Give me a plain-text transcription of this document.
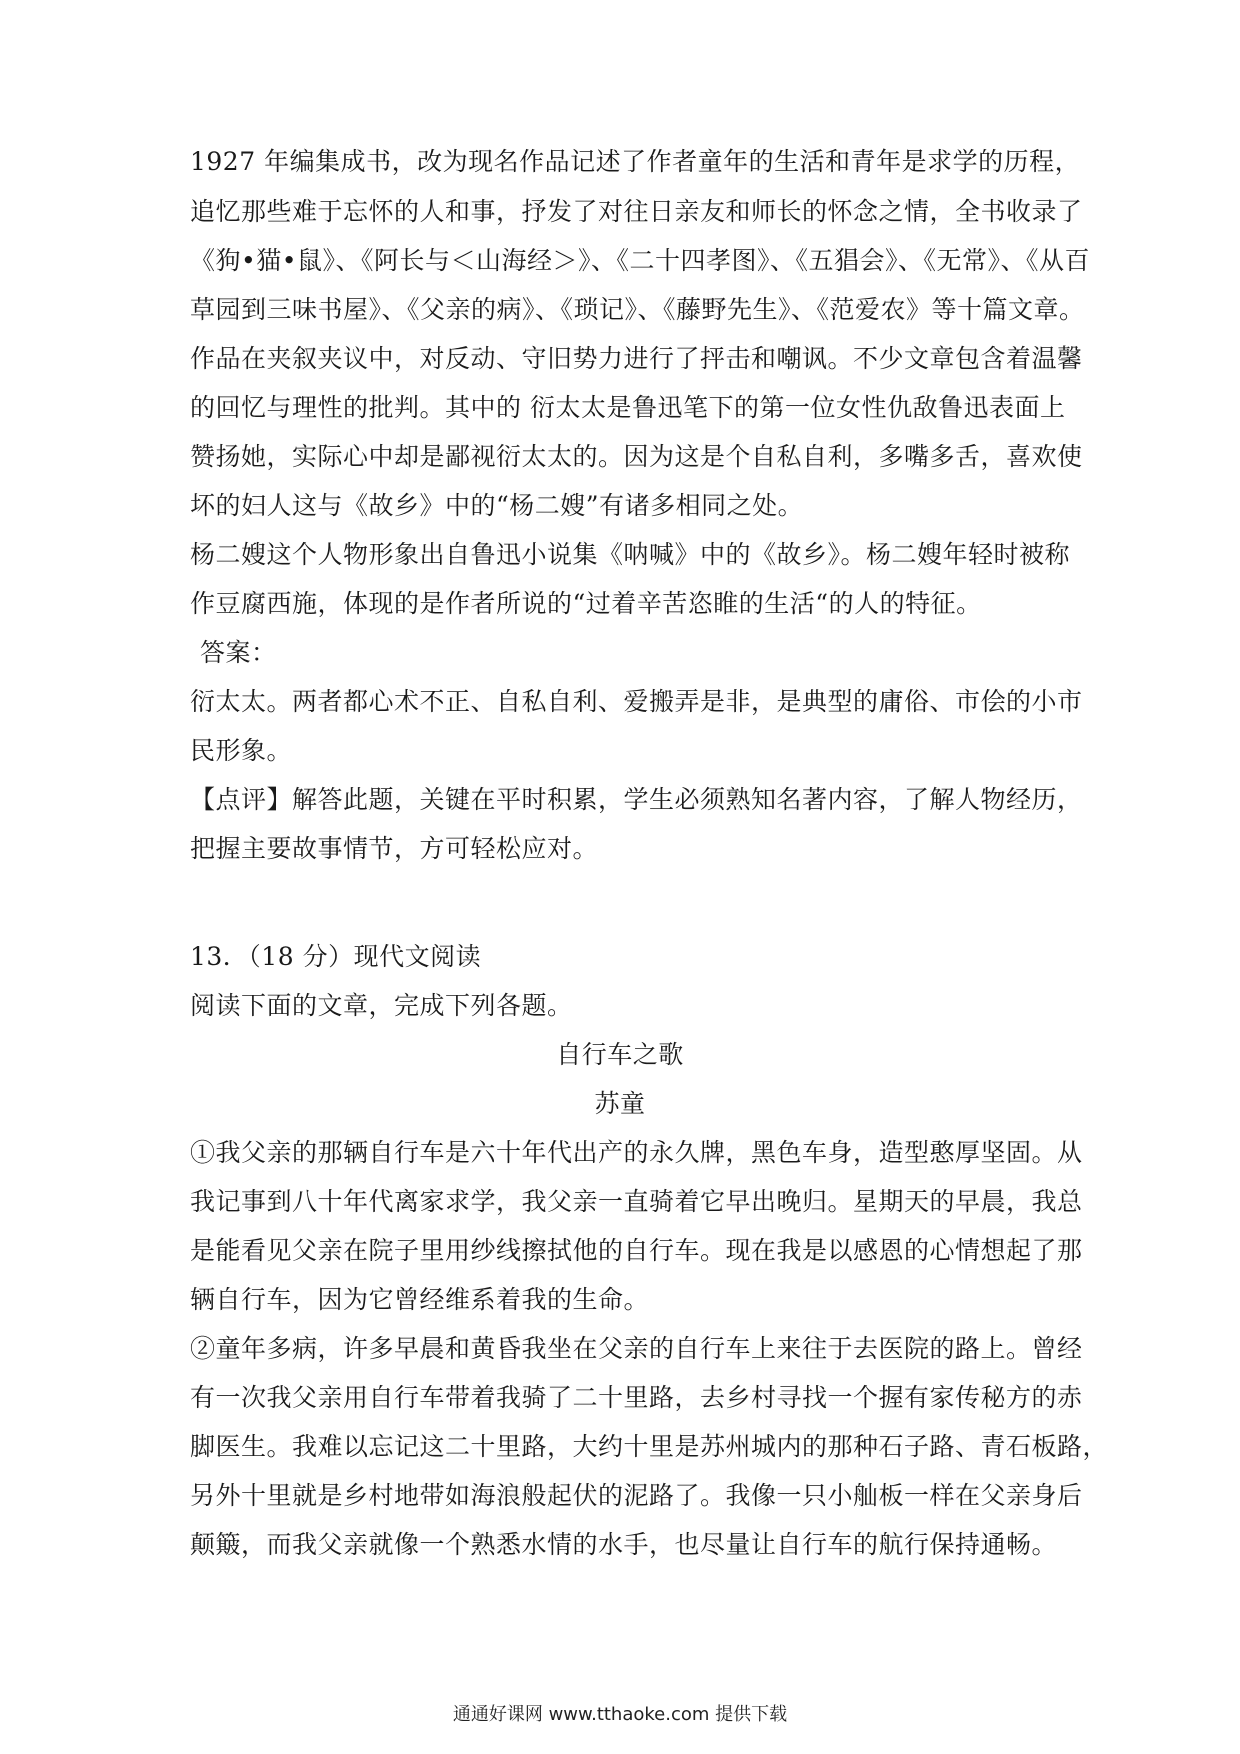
1927 年编集成书，改为现名作品记述了作者童年的生活和青年是求学的历程，
追忆那些难于忘怀的人和事，抒发了对往日亲友和师长的怀念之情，全书收录了
《狗•猫•鼠》、《阿长与＜山海经＞》、《二十四孝图》、《五猖会》、《无常》、《从百
草园到三味书屋》、《父亲的病》、《琐记》、《藤野先生》、《范爱农》等十篇文章。
作品在夹叙夹议中，对反动、守旧势力进行了抨击和嘲讽。不少文章包含着温馨
的回忆与理性的批判。其中的 衍太太是鲁迅笔下的第一位女性仇敌鲁迅表面上
赞扬她，实际心中却是鄙视衍太太的。因为这是个自私自利，多嘴多舌，喜欢使
坏的妇人这与《故乡》中的“杨二嫂”有诸多相同之处。
杨二嫂这个人物形象出自鲁迅小说集《呐喊》中的《故乡》。杨二嫂年轻时被称
作豆腐西施，体现的是作者所说的“过着辛苦恣睢的生活“的人的特征。
答案：
衍太太。两者都心术不正、自私自利、爱搬弄是非，是典型的庸俗、市侩的小市
民形象。
【点评】解答此题，关键在平时积累，学生必须熟知名著内容，了解人物经历，
把握主要故事情节，方可轻松应对。
13．（18 分）现代文阅读
阅读下面的文章，完成下列各题。
自行车之歌
苏童
①我父亲的那辆自行车是六十年代出产的永久牌，黑色车身，造型憨厚坚固。从
我记事到八十年代离家求学，我父亲一直骑着它早出晚归。星期天的早晨，我总
是能看见父亲在院子里用纱线擦拭他的自行车。现在我是以感恩的心情想起了那
辆自行车，因为它曾经维系着我的生命。
②童年多病，许多早晨和黄昏我坐在父亲的自行车上来往于去医院的路上。曾经
有一次我父亲用自行车带着我骑了二十里路，去乡村寻找一个握有家传秘方的赤
脚医生。我难以忘记这二十里路，大约十里是苏州城内的那种石子路、青石板路，
另外十里就是乡村地带如海浪般起伏的泥路了。我像一只小舢板一样在父亲身后
颠簸，而我父亲就像一个熟悉水情的水手，也尽量让自行车的航行保持通畅。
通通好课网 www.tthaoke.com 提供下载
